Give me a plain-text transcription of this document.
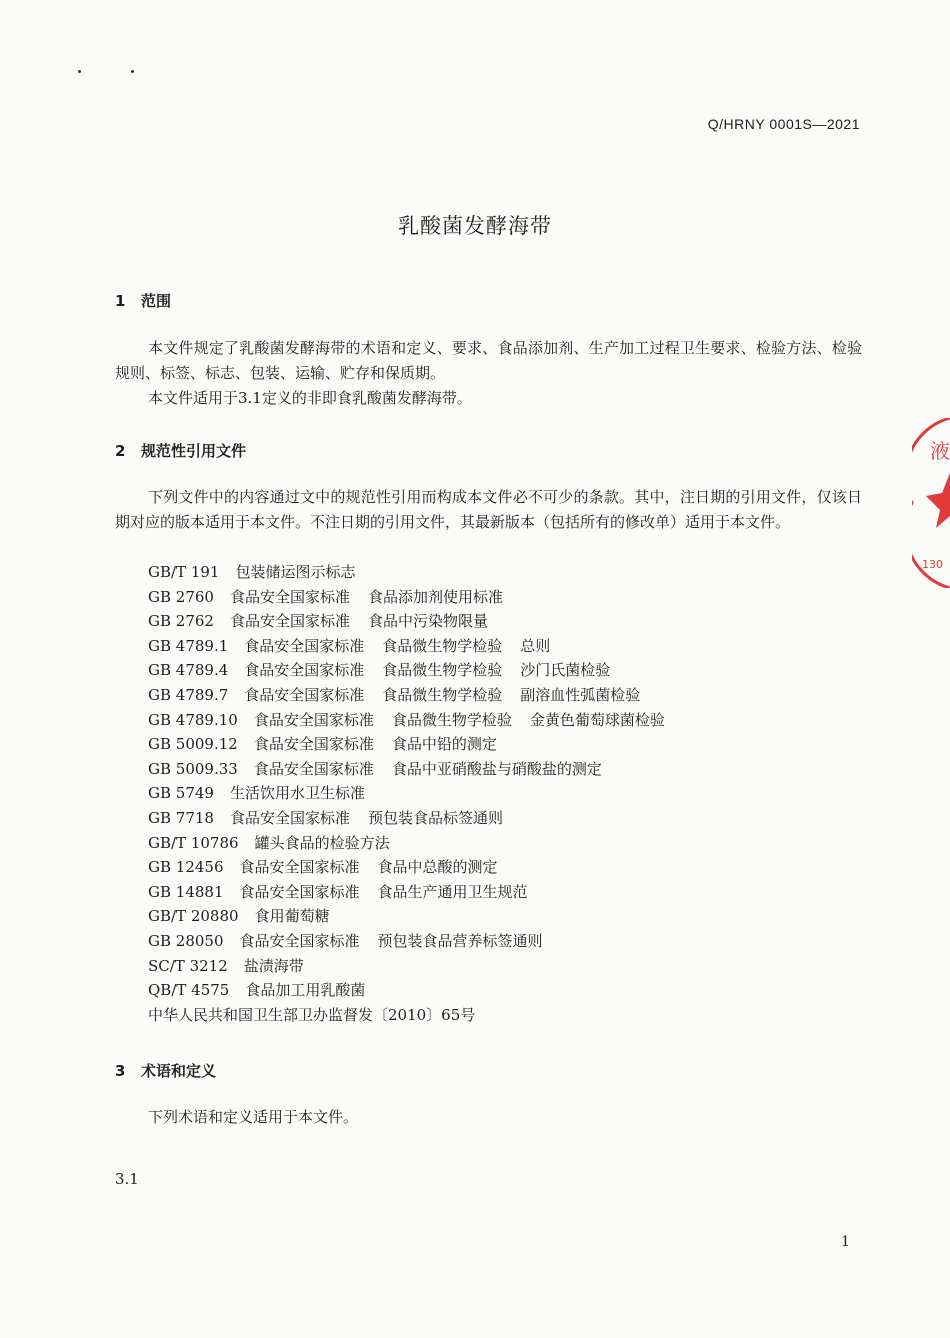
Q/HRNY 0001S—2021
乳酸菌发酵海带
1 范围
本文件规定了乳酸菌发酵海带的术语和定义、要求、食品添加剂、生产加工过程卫生要求、检验方法、检验规则、标签、标志、包装、运输、贮存和保质期。
本文件适用于3.1定义的非即食乳酸菌发酵海带。
2 规范性引用文件
下列文件中的内容通过文中的规范性引用而构成本文件必不可少的条款。其中，注日期的引用文件，仅该日期对应的版本适用于本文件。不注日期的引用文件，其最新版本（包括所有的修改单）适用于本文件。
GB/T 191 包装储运图示标志
GB 2760 食品安全国家标准 食品添加剂使用标准
GB 2762 食品安全国家标准 食品中污染物限量
GB 4789.1 食品安全国家标准 食品微生物学检验 总则
GB 4789.4 食品安全国家标准 食品微生物学检验 沙门氏菌检验
GB 4789.7 食品安全国家标准 食品微生物学检验 副溶血性弧菌检验
GB 4789.10 食品安全国家标准 食品微生物学检验 金黄色葡萄球菌检验
GB 5009.12 食品安全国家标准 食品中铅的测定
GB 5009.33 食品安全国家标准 食品中亚硝酸盐与硝酸盐的测定
GB 5749 生活饮用水卫生标准
GB 7718 食品安全国家标准 预包装食品标签通则
GB/T 10786 罐头食品的检验方法
GB 12456 食品安全国家标准 食品中总酸的测定
GB 14881 食品安全国家标准 食品生产通用卫生规范
GB/T 20880 食用葡萄糖
GB 28050 食品安全国家标准 预包装食品营养标签通则
SC/T 3212 盐渍海带
QB/T 4575 食品加工用乳酸菌
中华人民共和国卫生部卫办监督发〔2010〕65号
3 术语和定义
下列术语和定义适用于本文件。
3.1
1
液
130
